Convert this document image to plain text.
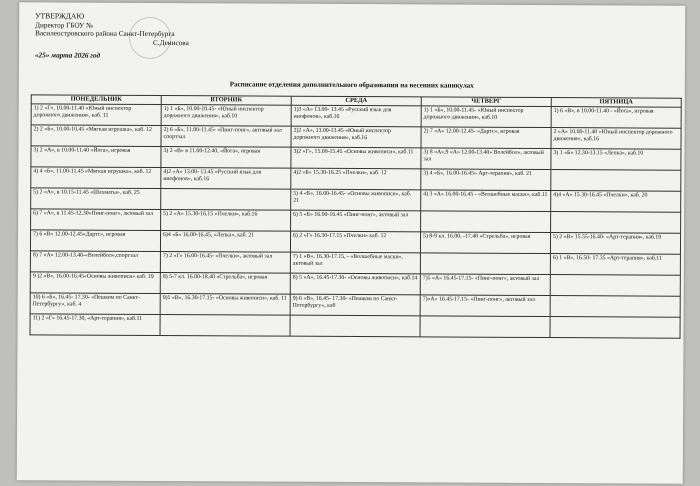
УТВЕРЖДАЮ
Директор ГБОУ №
Василеостровского района Санкт-Петербурга
С.Денисова
«25» марта 2026 год
Расписание отделения дополнительного образования на весенних каникулах
ПОНЕДЕЛЬНИК	ВТОРНИК	СРЕДА	ЧЕТВЕРГ	ПЯТНИЦА
1) 2 «Г», 10.00-11.40 «Юный инспектор дорожного движения», каб. 11	1) 1 «Б», 10.00-10.45- «Юный инспектор дорожного движения», каб.10	1)3 «А» 13.00- 13.45 «Русский язык для инофонов», каб.16	1) 1 «Б», 10.00-11.45- «Юный инспектор дорожного движения», каб.10	1) 6 «В», в 10.00-11.40 - «Йога», игровая
2) 2 «Б», 10.00-10.45 «Мягкая игрушка», каб. 12	2) 6 «Б», 11.00-11.45- «Пинг-понг», актовый зал спортзал	2)2 «А», 13.00-13.45 «Юный инспектор дорожного движения», каб.16	2) 7 «А» 12.00-12.45- «Дартс», игровая	2 «А» 10.00-11.40 «Юный инспектор дорожного движения», каб.16
3) 2 «А», в 10.00-11.40 «Йога», игровая	3) 2 «В» в 11.00-12.40, «Йога», игровая	3)2 «Г», 15.00-15.45 «Основы живописи», каб.11	3) 8 «А»,9 «А» 12.00-13.40» Волейбол», актовый зал	3) 1 «Б» 12.30-13.15 «Лепка», каб.10
4) 4 «Б», 11.00-11.45 «Мягкая игрушка», каб. 12	4)2 «А» 13.00- 13.45 «Русский язык для инофонов», каб.16	4)2 «Б» 15.30-16.25 «Пчелки», каб. 12	3) 4 «Б», 16.00-16.45» Арт-терапия», каб. 21	
5) 2 «А», в 10.15-11.45 «Шахматы», каб. 25		5) 4 «Б», 16.00-16.45- «Основы живописи», каб. 21	4) 3 «А» 16.00-16.45 - «Волшебные маски», каб.11	4)4 «А» 15.30-16.45 «Пчелки», каб. 20
6) 7 «А», в 11.45-12.30«Пинг-понг», актовый зал	5) 2 «А» 15.30-16.15 «Пчелки», каб.16	6) 5 «Б» 16.00-16.45 «Пинг-понг», актовый зал		
7) 6 «В» 12.00-12.45«Дартс», игровая	6)4 «Б» 16.00-16.45, «Лепка», каб. 21	6) 2 «Г» 16.30-17.15 «Пчелки» каб. 12	5) 8-9 кл. 16.00. -17.40 «Стрельба», игровая	5) 2 «В» 15.55-16.40- «Арт-терапия», каб.19
8) 7 «А» 12.00-13.40-«Волейбол»,спортзал	7) 2 «Г» 16.00-16.45- «Пчелки», актовый зал	7) 1 «В», 16.30-17.15, - «Волшебные маски», актовый зал		6) 1 «В», 16.50- 17.35 «Арт-терапия», каб.11
9 )2 «В», 16.00-16.45«Основы живописи» каб. 19	8) 5-7 кл. 16.00-18.40 «Стрельба», игровая	8) 5 «А», 16.45-17.30- «Основы живописи», каб.14	7)5 «А» 16.45-17.15- «Пинг-понг», актовый зал	
10) 6 «Б», 16.45- 17.30- «Пешком по Санкт-Петербургу», каб. 4	9)1 «В», 16.30-17.15- «Основы живописи», каб. 11	9) 6 «В», 16.45- 17.30- «Пешком по Санкт-Петербургу», каб	7)»А» 16.45-17.15- «Пинг-понг», актовый зал	
11) 2 «Г» 16.45-17.30, «Арт-терапия», каб.11				
